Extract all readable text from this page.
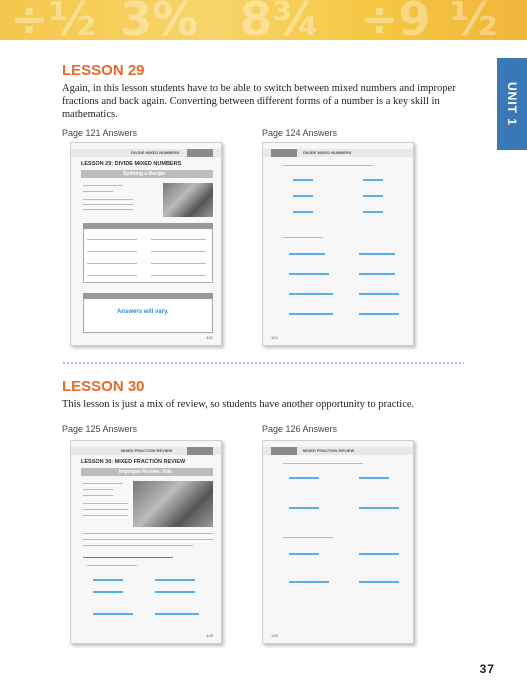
÷½ 3% 8¾ ÷9 ½
UNIT 1
LESSON 29
Again, in this lesson students have to be able to switch between mixed numbers and improper fractions and back again. Converting between different forms of a number is a key skill in mathematics.
Page 121 Answers	Page 124 Answers
DIVIDE MIXED NUMBERS
LESSON 29: DIVIDE MIXED NUMBERS
Splitting a Recipe
Answers will vary.
121
DIVIDE MIXED NUMBERS
124
LESSON 30
This lesson is just a mix of review, so students have another opportunity to practice.
Page 125 Answers	Page 126 Answers
MIXED FRACTION REVIEW
LESSON 30: MIXED FRACTION REVIEW
Improper Review: Kite
125
MIXED FRACTION REVIEW
126
37
